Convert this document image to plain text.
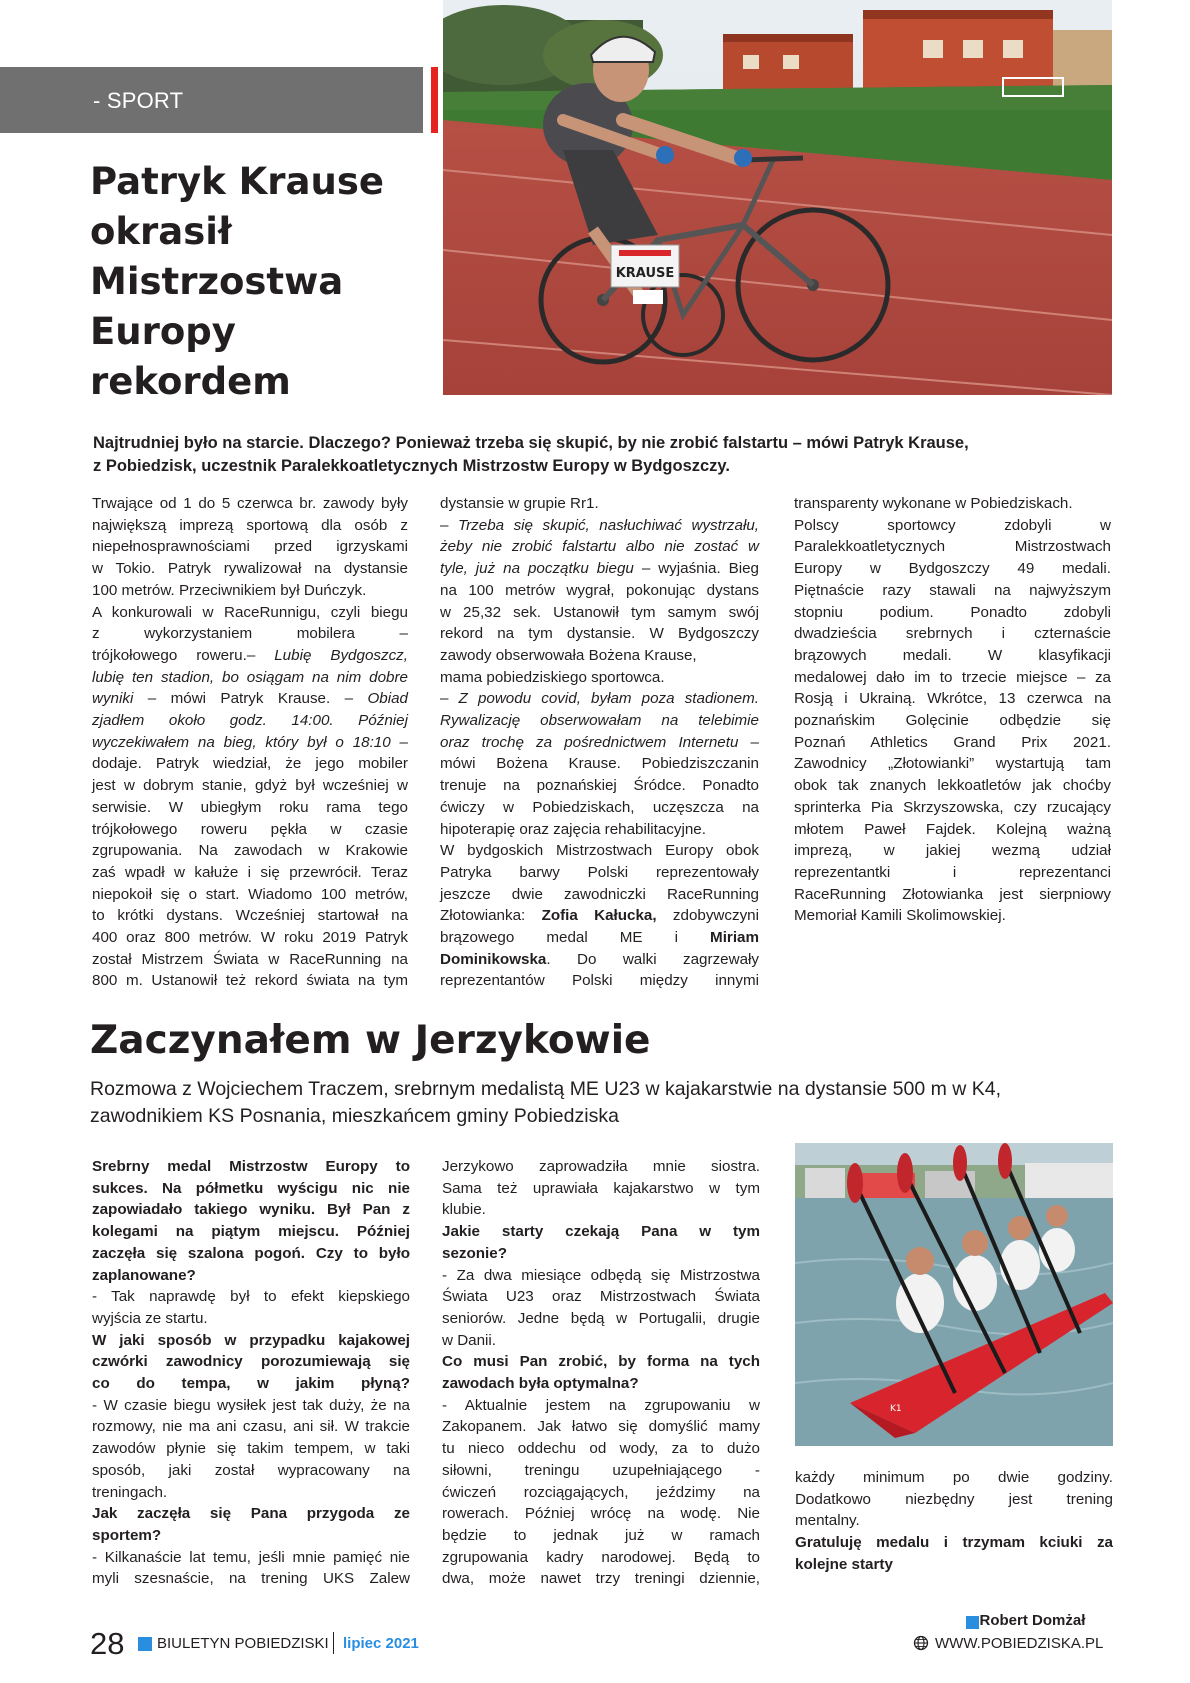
- SPORT
Patryk Krause
okrasił
Mistrzostwa
Europy
rekordem
KRAUSE
Najtrudniej było na starcie. Dlaczego? Ponieważ trzeba się skupić, by nie zrobić falstartu – mówi Patryk Krause,
z Pobiedzisk, uczestnik Paralekkoatletycznych Mistrzostw Europy w Bydgoszczy.
Trwające od 1 do 5 czerwca br. zawody były
największą imprezą sportową dla osób z
niepełnosprawnościami przed igrzyskami
w Tokio. Patryk rywalizował na dystansie
100 metrów. Przeciwnikiem był Duńczyk.
A konkurowali w RaceRunnigu, czyli biegu
z wykorzystaniem mobilera –
trójkołowego roweru.– Lubię Bydgoszcz,
lubię ten stadion, bo osiągam na nim dobre
wyniki – mówi Patryk Krause. – Obiad
zjadłem około godz. 14:00. Później
wyczekiwałem na bieg, który był o 18:10 –
dodaje. Patryk wiedział, że jego mobiler
jest w dobrym stanie, gdyż był wcześniej w
serwisie. W ubiegłym roku rama tego
trójkołowego roweru pękła w czasie
zgrupowania. Na zawodach w Krakowie
zaś wpadł w kałuże i się przewrócił. Teraz
niepokoił się o start. Wiadomo 100 metrów,
to krótki dystans. Wcześniej startował na
400 oraz 800 metrów. W roku 2019 Patryk
został Mistrzem Świata w RaceRunning na
800 m. Ustanowił też rekord świata na tym
dystansie w grupie Rr1.
– Trzeba się skupić, nasłuchiwać wystrzału,
żeby nie zrobić falstartu albo nie zostać w
tyle, już na początku biegu – wyjaśnia. Bieg
na 100 metrów wygrał, pokonując dystans
w 25,32 sek. Ustanowił tym samym swój
rekord na tym dystansie. W Bydgoszczy
zawody obserwowała Bożena Krause,
mama pobiedziskiego sportowca.
– Z powodu covid, byłam poza stadionem.
Rywalizację obserwowałam na telebimie
oraz trochę za pośrednictwem Internetu –
mówi Bożena Krause. Pobiedziszczanin
trenuje na poznańskiej Śródce. Ponadto
ćwiczy w Pobiedziskach, uczęszcza na
hipoterapię oraz zajęcia rehabilitacyjne.
W bydgoskich Mistrzostwach Europy obok
Patryka barwy Polski reprezentowały
jeszcze dwie zawodniczki RaceRunning
Złotowianka: Zofia Kałucka, zdobywczyni
brązowego medal ME i Miriam
Dominikowska. Do walki zagrzewały
reprezentantów Polski między innymi
transparenty wykonane w Pobiedziskach.
Polscy sportowcy zdobyli w
Paralekkoatletycznych Mistrzostwach
Europy w Bydgoszczy 49 medali.
Piętnaście razy stawali na najwyższym
stopniu podium. Ponadto zdobyli
dwadzieścia srebrnych i czternaście
brązowych medali. W klasyfikacji
medalowej dało im to trzecie miejsce – za
Rosją i Ukrainą. Wkrótce, 13 czerwca na
poznańskim Golęcinie odbędzie się
Poznań Athletics Grand Prix 2021.
Zawodnicy „Złotowianki” wystartują tam
obok tak znanych lekkoatletów jak choćby
sprinterka Pia Skrzyszowska, czy rzucający
młotem Paweł Fajdek. Kolejną ważną
imprezą, w jakiej wezmą udział
reprezentantki i reprezentanci
RaceRunning Złotowianka jest sierpniowy
Memoriał Kamili Skolimowskiej.
Zaczynałem w Jerzykowie
Rozmowa z Wojciechem Traczem, srebrnym medalistą ME U23 w kajakarstwie na dystansie 500 m w K4,
zawodnikiem KS Posnania, mieszkańcem gminy Pobiedziska
Srebrny medal Mistrzostw Europy to
sukces. Na półmetku wyścigu nic nie
zapowiadało takiego wyniku. Był Pan z
kolegami na piątym miejscu. Później
zaczęła się szalona pogoń. Czy to było
zaplanowane?
- Tak naprawdę był to efekt kiepskiego
wyjścia ze startu.
W jaki sposób w przypadku kajakowej
czwórki zawodnicy porozumiewają się
co do tempa, w jakim płyną?
- W czasie biegu wysiłek jest tak duży, że na
rozmowy, nie ma ani czasu, ani sił. W trakcie
zawodów płynie się takim tempem, w taki
sposób, jaki został wypracowany na
treningach.
Jak zaczęła się Pana przygoda ze
sportem?
- Kilkanaście lat temu, jeśli mnie pamięć nie
myli szesnaście, na trening UKS Zalew
Jerzykowo zaprowadziła mnie siostra.
Sama też uprawiała kajakarstwo w tym
klubie.
Jakie starty czekają Pana w tym
sezonie?
- Za dwa miesiące odbędą się Mistrzostwa
Świata U23 oraz Mistrzostwach Świata
seniorów. Jedne będą w Portugalii, drugie
w Danii.
Co musi Pan zrobić, by forma na tych
zawodach była optymalna?
- Aktualnie jestem na zgrupowaniu w
Zakopanem. Jak łatwo się domyślić mamy
tu nieco oddechu od wody, za to dużo
siłowni, treningu uzupełniającego -
ćwiczeń rozciągających, jeździmy na
rowerach. Później wrócę na wodę. Nie
będzie to jednak już w ramach
zgrupowania kadry narodowej. Będą to
dwa, może nawet trzy treningi dziennie,
K1
każdy minimum po dwie godziny.
Dodatkowo niezbędny jest trening
mentalny.
Gratuluję medalu i trzymam kciuki za
kolejne starty
Robert Domżał
28 BIULETYN POBIEDZISKI lipiec 2021	WWW.POBIEDZISKA.PL
